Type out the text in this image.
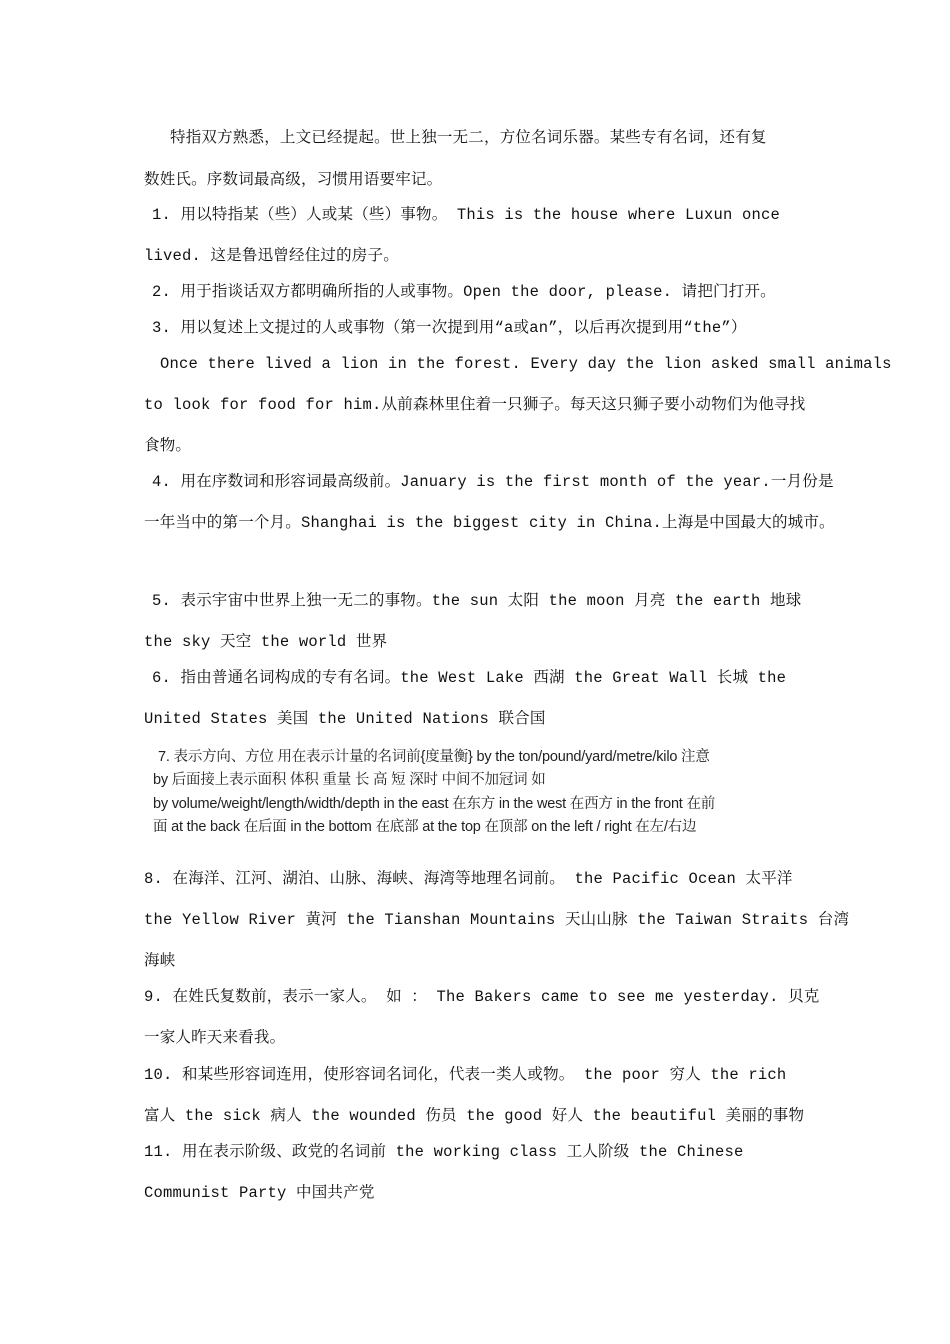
特指双方熟悉，上文已经提起。世上独一无二，方位名词乐器。某些专有名词，还有复
数姓氏。序数词最高级，习惯用语要牢记。
1. 用以特指某（些）人或某（些）事物。 This is the house where Luxun once
lived. 这是鲁迅曾经住过的房子。
2. 用于指谈话双方都明确所指的人或事物。Open the door, please. 请把门打开。
3. 用以复述上文提过的人或事物（第一次提到用“a或an”，以后再次提到用“the”）
Once there lived a lion in the forest. Every day the lion asked small animals
to look for food for him.从前森林里住着一只狮子。每天这只狮子要小动物们为他寻找
食物。
4. 用在序数词和形容词最高级前。January is the first month of the year.一月份是
一年当中的第一个月。Shanghai is the biggest city in China.上海是中国最大的城市。
5. 表示宇宙中世界上独一无二的事物。the sun 太阳 the moon 月亮 the earth 地球
the sky 天空 the world 世界
6. 指由普通名词构成的专有名词。the West Lake 西湖 the Great Wall 长城 the
United States 美国 the United Nations 联合国
7. 表示方向、方位 用在表示计量的名词前{度量衡} by the ton/pound/yard/metre/kilo 注意
by 后面接上表示面积 体积 重量 长 高 短 深时 中间不加冠词 如
by volume/weight/length/width/depth in the east 在东方 in the west 在西方 in the front 在前
面 at the back 在后面 in the bottom 在底部 at the top 在顶部 on the left / right 在左/右边
8. 在海洋、江河、湖泊、山脉、海峡、海湾等地理名词前。 the Pacific Ocean 太平洋
the Yellow River 黄河 the Tianshan Mountains 天山山脉 the Taiwan Straits 台湾
海峡
9. 在姓氏复数前，表示一家人。 如 ： The Bakers came to see me yesterday. 贝克
一家人昨天来看我。
10. 和某些形容词连用，使形容词名词化，代表一类人或物。 the poor 穷人 the rich
富人 the sick 病人 the wounded 伤员 the good 好人 the beautiful 美丽的事物
11. 用在表示阶级、政党的名词前 the working class 工人阶级 the Chinese
Communist Party 中国共产党
